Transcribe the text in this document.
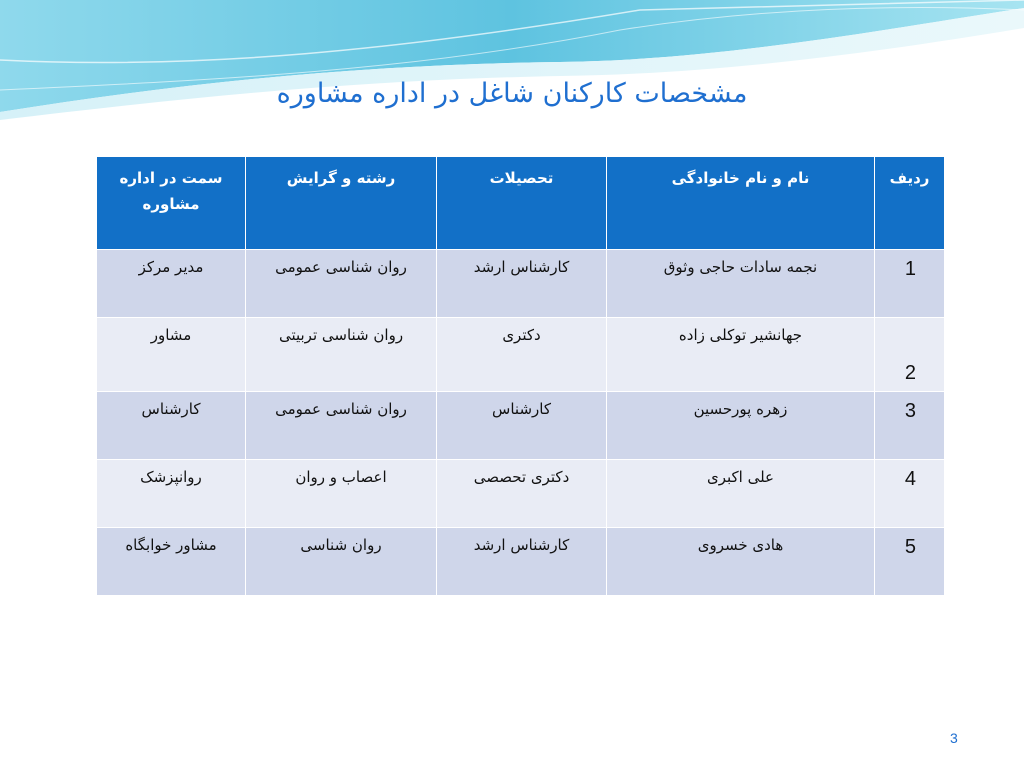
مشخصات کارکنان شاغل در اداره مشاوره
ردیف	نام و نام خانوادگی	تحصیلات	رشته و گرایش	سمت در اداره مشاوره
1	نجمه سادات حاجی وثوق	کارشناس ارشد	روان شناسی عمومی	مدیر مرکز
2	جهانشیر توکلی زاده	دکتری	روان شناسی تربیتی	مشاور
3	زهره پورحسین	کارشناس	روان شناسی عمومی	کارشناس
4	علی اکبری	دکتری تحصصی	اعصاب و روان	روانپزشک
5	هادی خسروی	کارشناس ارشد	روان شناسی	مشاور خوابگاه
3
